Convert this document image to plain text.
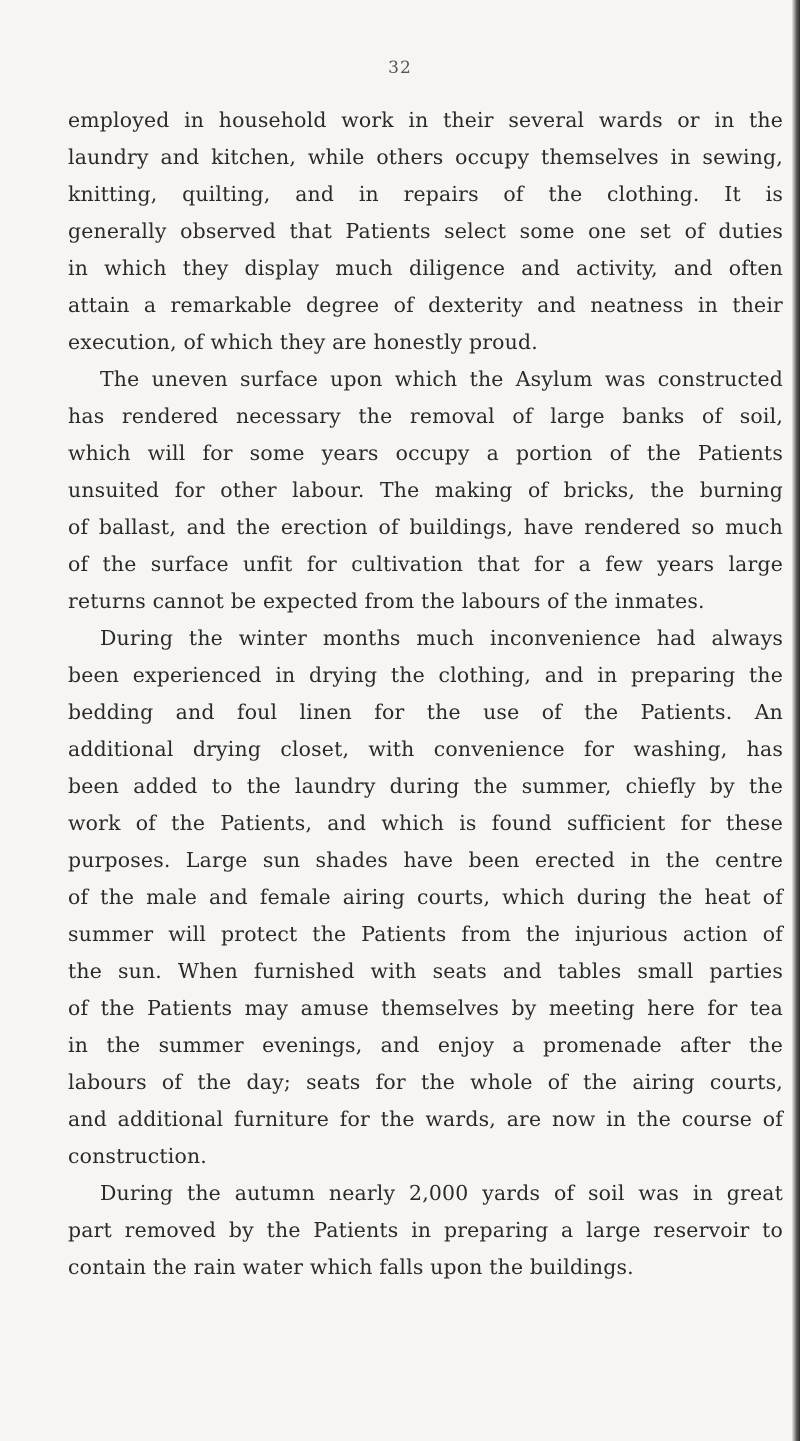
32
employed in household work in their several wards or in the
laundry and kitchen, while others occupy themselves in sewing,
knitting, quilting, and in repairs of the clothing. It is
generally observed that Patients select some one set of duties
in which they display much diligence and activity, and often
attain a remarkable degree of dexterity and neatness in their
execution, of which they are honestly proud.
The uneven surface upon which the Asylum was constructed
has rendered necessary the removal of large banks of soil,
which will for some years occupy a portion of the Patients
unsuited for other labour. The making of bricks, the burning
of ballast, and the erection of buildings, have rendered so much
of the surface unfit for cultivation that for a few years large
returns cannot be expected from the labours of the inmates.
During the winter months much inconvenience had always
been experienced in drying the clothing, and in preparing the
bedding and foul linen for the use of the Patients. An
additional drying closet, with convenience for washing, has
been added to the laundry during the summer, chiefly by the
work of the Patients, and which is found sufficient for these
purposes. Large sun shades have been erected in the centre
of the male and female airing courts, which during the heat of
summer will protect the Patients from the injurious action of
the sun. When furnished with seats and tables small parties
of the Patients may amuse themselves by meeting here for tea
in the summer evenings, and enjoy a promenade after the
labours of the day; seats for the whole of the airing courts,
and additional furniture for the wards, are now in the course of
construction.
During the autumn nearly 2,000 yards of soil was in great
part removed by the Patients in preparing a large reservoir to
contain the rain water which falls upon the buildings.
